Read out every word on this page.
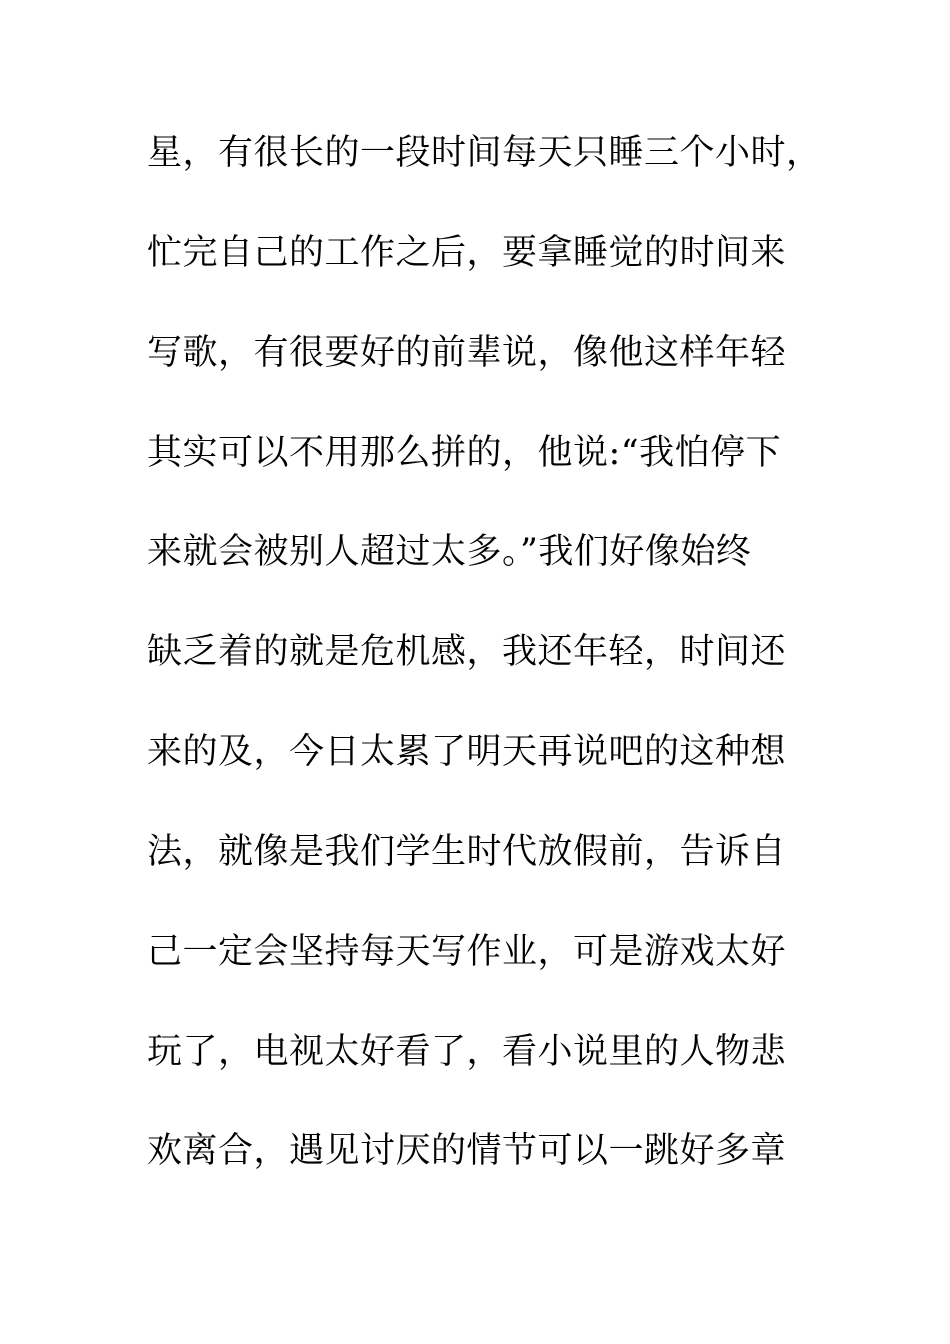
星，有很长的一段时间每天只睡三个小时，
忙完自己的工作之后，要拿睡觉的时间来
写歌，有很要好的前辈说，像他这样年轻
其实可以不用那么拼的，他说:“我怕停下
来就会被别人超过太多。”我们好像始终
缺乏着的就是危机感，我还年轻，时间还
来的及，今日太累了明天再说吧的这种想
法，就像是我们学生时代放假前，告诉自
己一定会坚持每天写作业，可是游戏太好
玩了，电视太好看了，看小说里的人物悲
欢离合，遇见讨厌的情节可以一跳好多章
